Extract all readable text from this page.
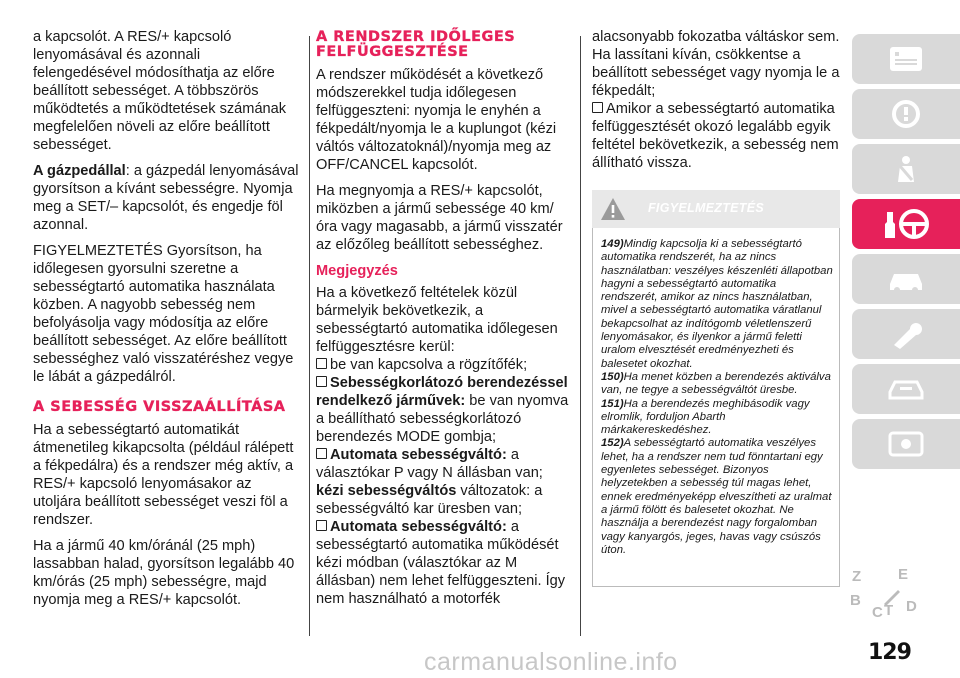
a kapcsolót. A RES/+ kapcsoló lenyomásával és azonnali felengedésével módosíthatja az előre beállított sebességet. A többszörös működtetés a működtetések számának megfelelően növeli az előre beállított sebességet.

A gázpedállal: a gázpedál lenyomásával gyorsítson a kívánt sebességre. Nyomja meg a SET/– kapcsolót, és engedje föl azonnal.

FIGYELMEZTETÉS Gyorsítson, ha időlegesen gyorsulni szeretne a sebességtartó automatika használata közben. A nagyobb sebesség nem befolyásolja vagy módosítja az előre beállított sebességet. Az előre beállított sebességhez való visszatéréshez vegye le lábát a gázpedálról.

A SEBESSÉG VISSZAÁLLÍTÁSA

Ha a sebességtartó automatikát átmenetileg kikapcsolta (például rálépett a fékpedálra) és a rendszer még aktív, a RES/+ kapcsoló lenyomásakor az utoljára beállított sebességet veszi föl a rendszer.

Ha a jármű 40 km/óránál (25 mph) lassabban halad, gyorsítson legalább 40 km/órás (25 mph) sebességre, majd nyomja meg a RES/+ kapcsolót.

A RENDSZER IDŐLEGES FELFÜGGESZTÉSE

A rendszer működését a következő módszerekkel tudja időlegesen felfüggeszteni: nyomja le enyhén a fékpedált/nyomja le a kuplungot (kézi váltós változatoknál)/nyomja meg az OFF/CANCEL kapcsolót.

Ha megnyomja a RES/+ kapcsolót, miközben a jármű sebessége 40 km/óra vagy magasabb, a jármű visszatér az előzőleg beállított sebességhez.

Megjegyzés

Ha a következő feltételek közül bármelyik bekövetkezik, a sebességtartó automatika időlegesen felfüggesztésre kerül:

be van kapcsolva a rögzítőfék;

Sebességkorlátozó berendezéssel rendelkező járművek: be van nyomva a beállítható sebességkorlátozó berendezés MODE gombja;

Automata sebességváltó: a választókar P vagy N állásban van; kézi sebességváltós változatok: a sebességváltó kar üresben van;

Automata sebességváltó: a sebességtartó automatika működését kézi módban (választókar az M állásban) nem lehet felfüggeszteni. Így nem használható a motorfék

alacsonyabb fokozatba váltáskor sem. Ha lassítani kíván, csökkentse a beállított sebességet vagy nyomja le a fékpedált;

Amikor a sebességtartó automatika felfüggesztését okozó legalább egyik feltétel bekövetkezik, a sebesség nem állítható vissza.

FIGYELMEZTETÉS

149)Mindig kapcsolja ki a sebességtartó automatika rendszerét, ha az nincs használatban: veszélyes készenléti állapotban hagyni a sebességtartó automatika rendszerét, amikor az nincs használatban, mivel a sebességtartó automatika váratlanul bekapcsolhat az indítógomb véletlenszerű lenyomásakor, és ilyenkor a jármű feletti uralom elvesztését eredményezheti és balesetet okozhat.

150)Ha menet közben a berendezés aktiválva van, ne tegye a sebességváltót üresbe.

151)Ha a berendezés meghibásodik vagy elromlik, forduljon Abarth márkakereskedéshez.

152)A sebességtartó automatika veszélyes lehet, ha a rendszer nem tud fönntartani egy egyenletes sebességet. Bizonyos helyzetekben a sebesség túl magas lehet, ennek eredményeképp elveszítheti az uralmat a jármű fölött és balesetet okozhat. Ne használja a berendezést nagy forgalomban vagy kanyargós, jeges, havas vagy csúszós úton.

Z E
B
C T D
129
carmanualsonline.info
